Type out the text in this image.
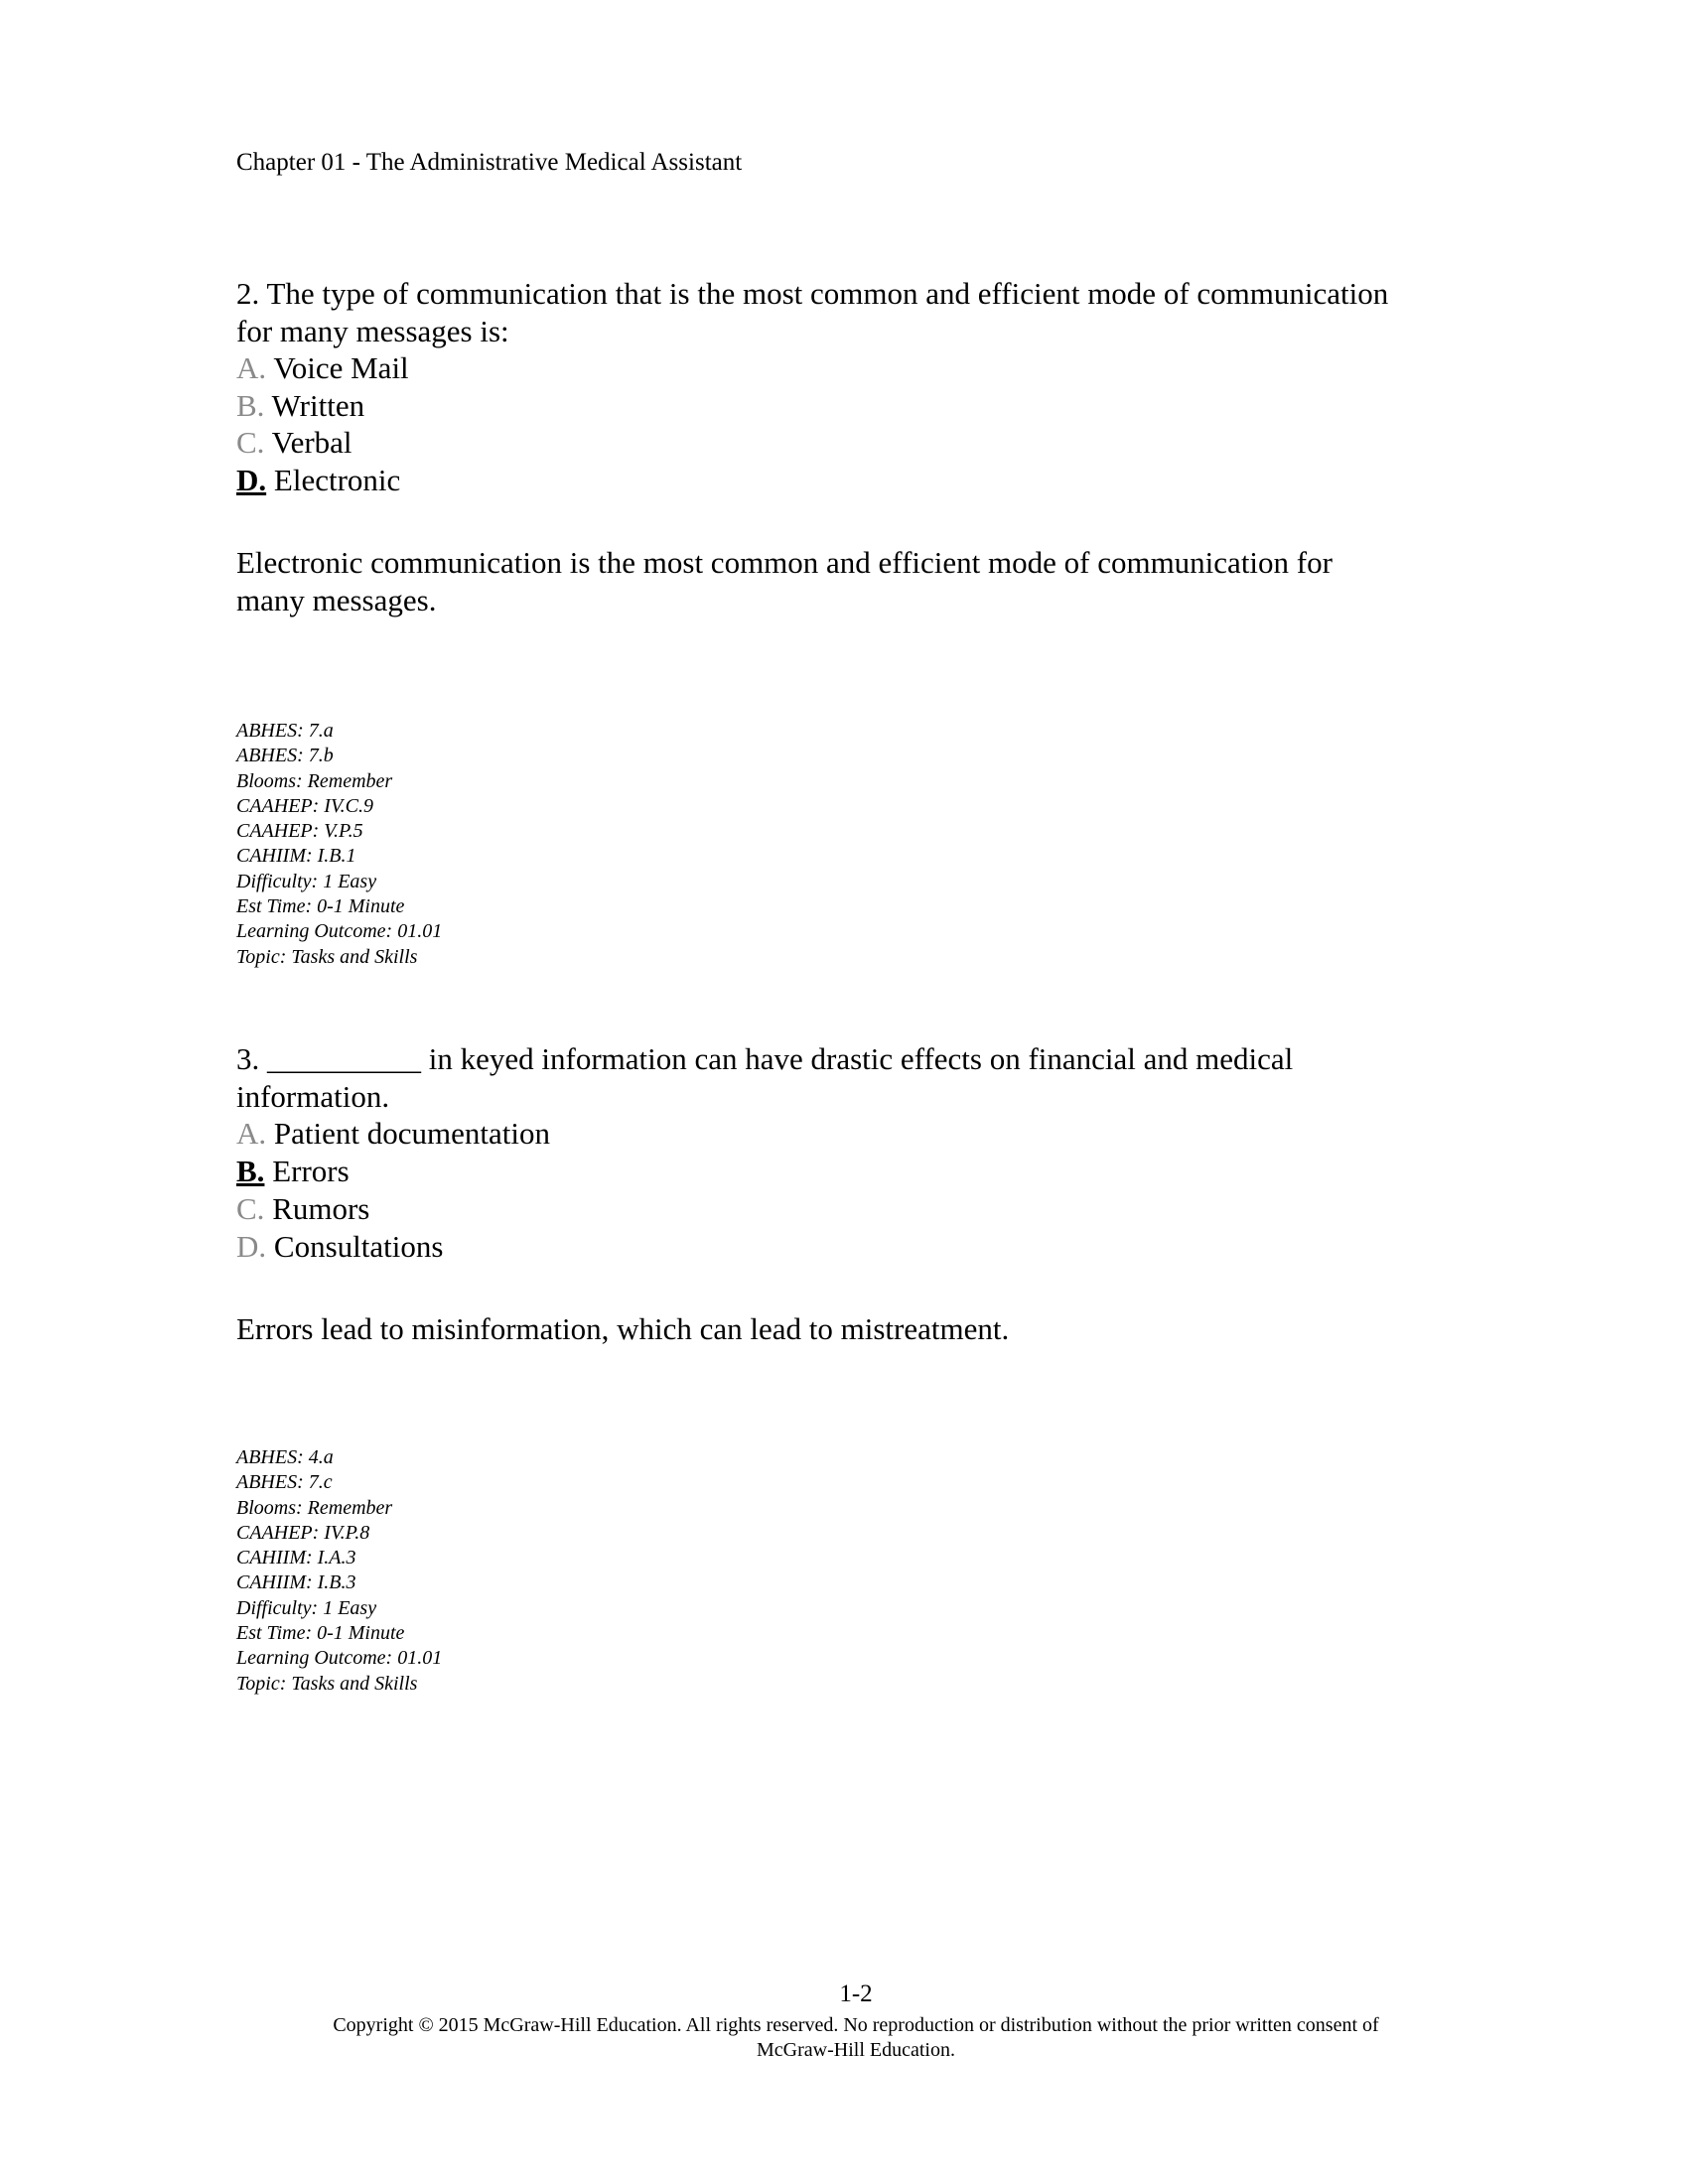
Chapter 01 - The Administrative Medical Assistant
2. The type of communication that is the most common and efficient mode of communication
for many messages is:
A. Voice Mail
B. Written
C. Verbal
D. Electronic
Electronic communication is the most common and efficient mode of communication for
many messages.
ABHES: 7.a
ABHES: 7.b
Blooms: Remember
CAAHEP: IV.C.9
CAAHEP: V.P.5
CAHIIM: I.B.1
Difficulty: 1 Easy
Est Time: 0-1 Minute
Learning Outcome: 01.01
Topic: Tasks and Skills
3. __________ in keyed information can have drastic effects on financial and medical
information.
A. Patient documentation
B. Errors
C. Rumors
D. Consultations
Errors lead to misinformation, which can lead to mistreatment.
ABHES: 4.a
ABHES: 7.c
Blooms: Remember
CAAHEP: IV.P.8
CAHIIM: I.A.3
CAHIIM: I.B.3
Difficulty: 1 Easy
Est Time: 0-1 Minute
Learning Outcome: 01.01
Topic: Tasks and Skills
1-2
Copyright © 2015 McGraw-Hill Education. All rights reserved. No reproduction or distribution without the prior written consent of
McGraw-Hill Education.
